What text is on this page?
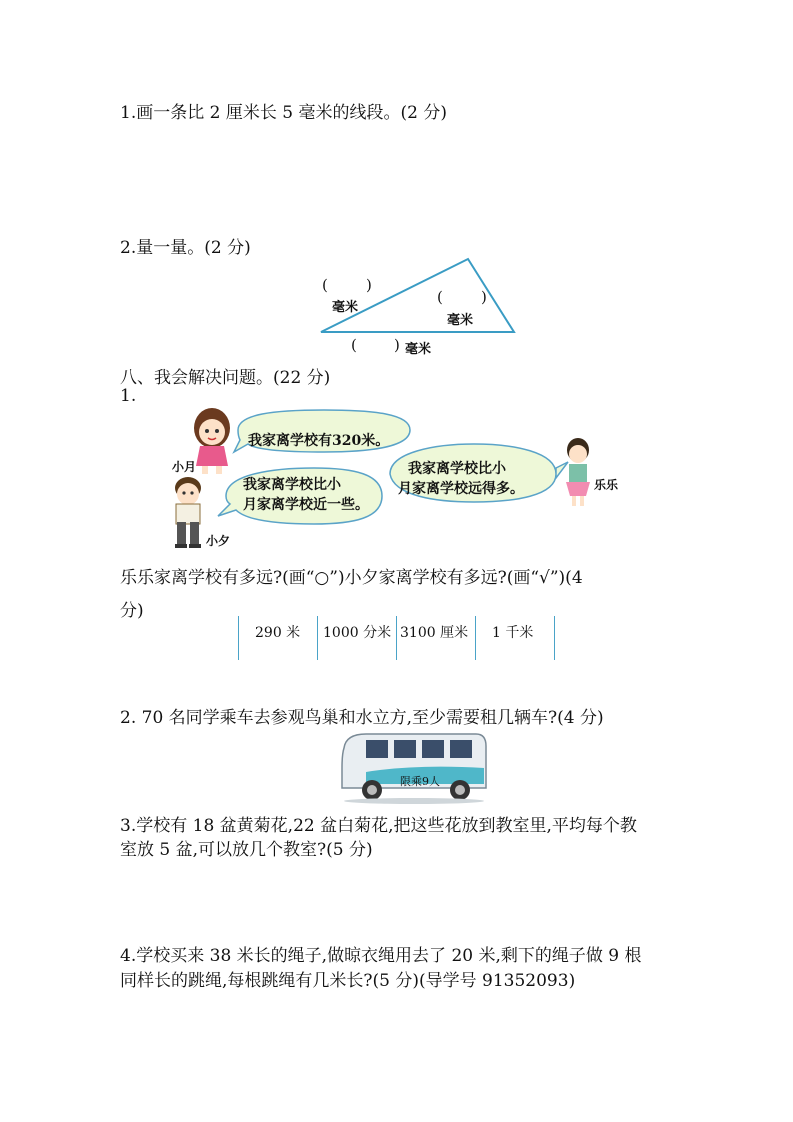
1.画一条比 2 厘米长 5 毫米的线段。(2 分)
2.量一量。(2 分)
(	)
毫米
(	)
毫米
( ) 毫米
八、我会解决问题。(22 分)
1.
我家离学校有320米。
我家离学校比小
月家离学校近一些。
我家离学校比小
月家离学校远得多。
小月
小夕
乐乐
乐乐家离学校有多远?(画“○”)小夕家离学校有多远?(画“√”)(4
分)
290 米 1000 分米 3100 厘米 1 千米
2. 70 名同学乘车去参观鸟巢和水立方,至少需要租几辆车?(4 分)
限乘9人
3.学校有 18 盆黄菊花,22 盆白菊花,把这些花放到教室里,平均每个教
室放 5 盆,可以放几个教室?(5 分)
4.学校买来 38 米长的绳子,做晾衣绳用去了 20 米,剩下的绳子做 9 根
同样长的跳绳,每根跳绳有几米长?(5 分)(导学号 91352093)
